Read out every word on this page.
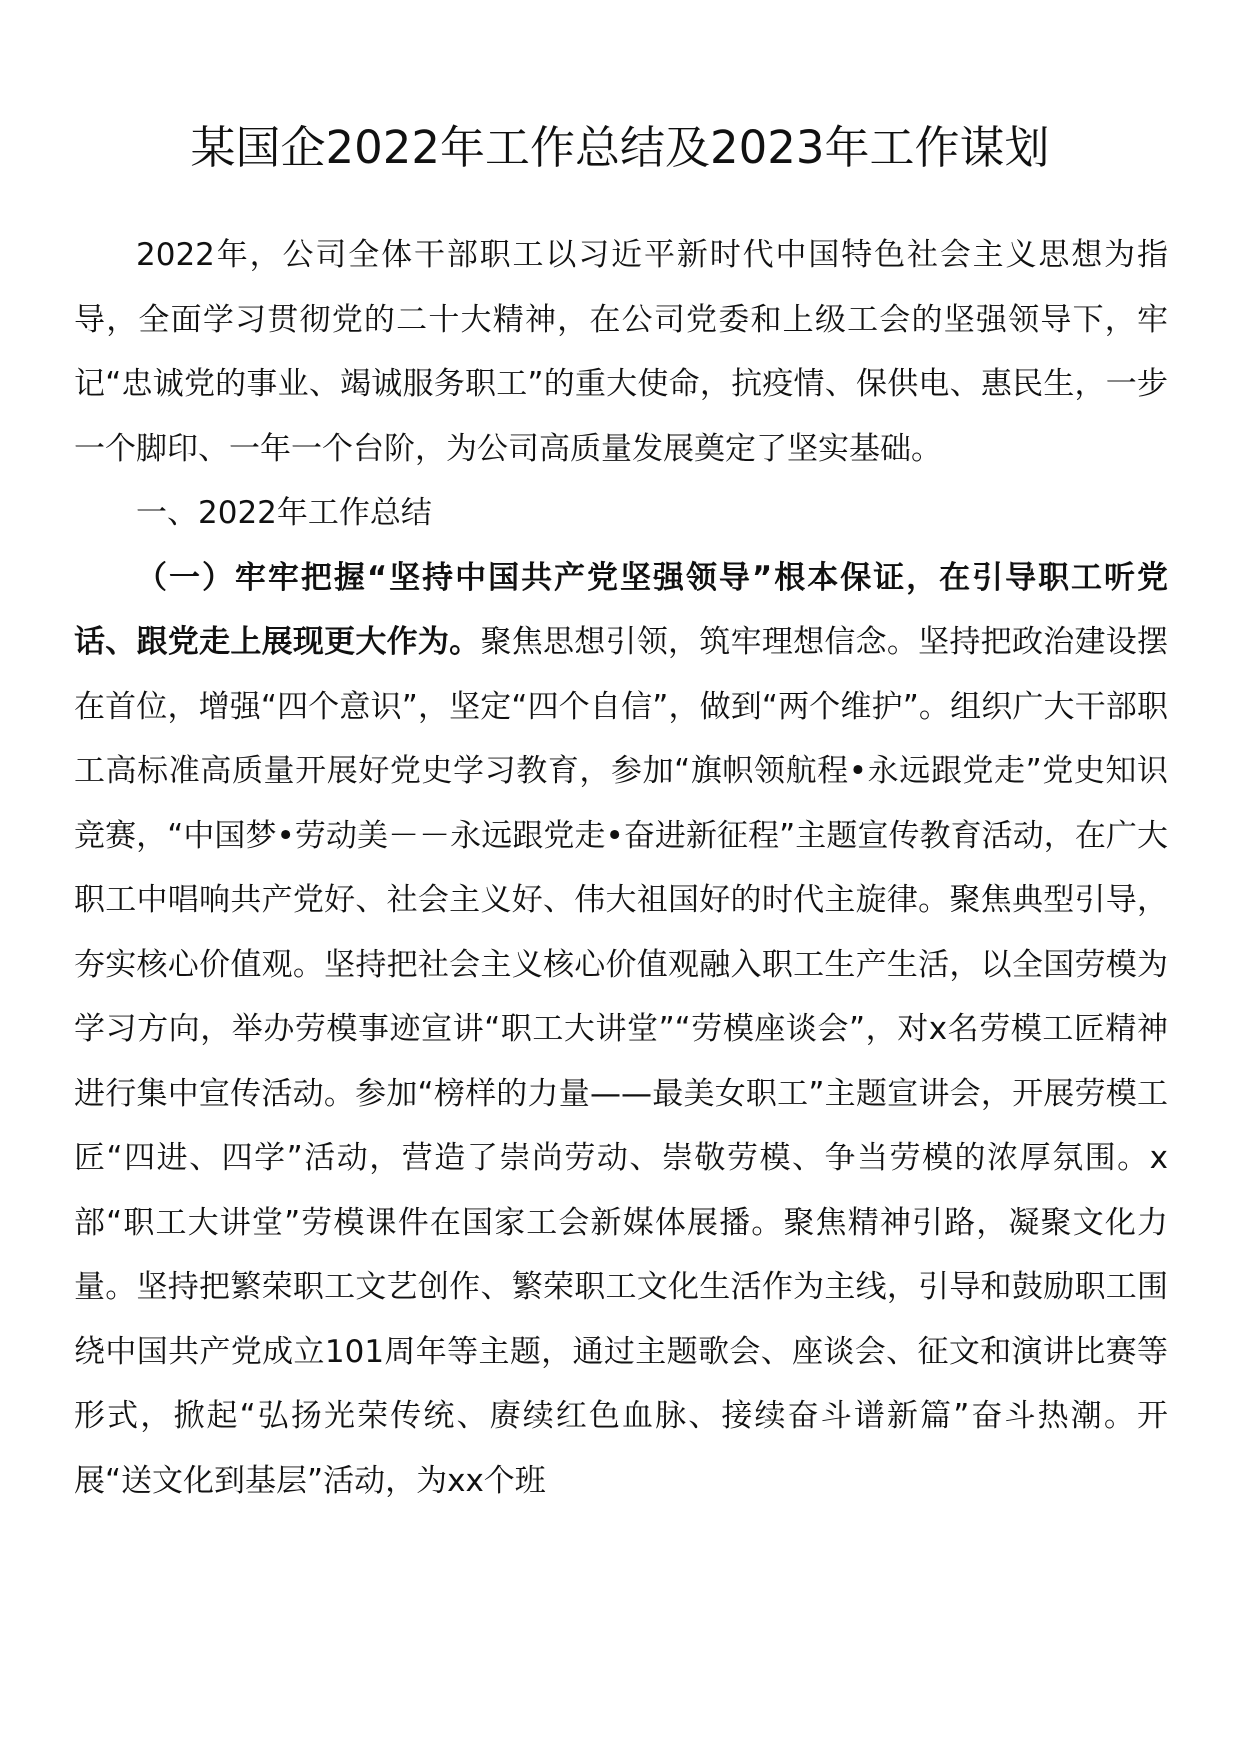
某国企2022年工作总结及2023年工作谋划

2022年，公司全体干部职工以习近平新时代中国特色社会主义思想为指导，全面学习贯彻党的二十大精神，在公司党委和上级工会的坚强领导下，牢记“忠诚党的事业、竭诚服务职工”的重大使命，抗疫情、保供电、惠民生，一步一个脚印、一年一个台阶，为公司高质量发展奠定了坚实基础。

一、2022年工作总结

（一）牢牢把握“坚持中国共产党坚强领导”根本保证，在引导职工听党话、跟党走上展现更大作为。聚焦思想引领，筑牢理想信念。坚持把政治建设摆在首位，增强“四个意识”，坚定“四个自信”，做到“两个维护”。组织广大干部职工高标准高质量开展好党史学习教育，参加“旗帜领航程•永远跟党走”党史知识竞赛，“中国梦•劳动美－－永远跟党走•奋进新征程”主题宣传教育活动，在广大职工中唱响共产党好、社会主义好、伟大祖国好的时代主旋律。聚焦典型引导，夯实核心价值观。坚持把社会主义核心价值观融入职工生产生活，以全国劳模为学习方向，举办劳模事迹宣讲“职工大讲堂”“劳模座谈会”，对x名劳模工匠精神进行集中宣传活动。参加“榜样的力量——最美女职工”主题宣讲会，开展劳模工匠“四进、四学”活动，营造了崇尚劳动、崇敬劳模、争当劳模的浓厚氛围。x部“职工大讲堂”劳模课件在国家工会新媒体展播。聚焦精神引路，凝聚文化力量。坚持把繁荣职工文艺创作、繁荣职工文化生活作为主线，引导和鼓励职工围绕中国共产党成立101周年等主题，通过主题歌会、座谈会、征文和演讲比赛等形式，掀起“弘扬光荣传统、赓续红色血脉、接续奋斗谱新篇”奋斗热潮。开展“送文化到基层”活动，为xx个班
